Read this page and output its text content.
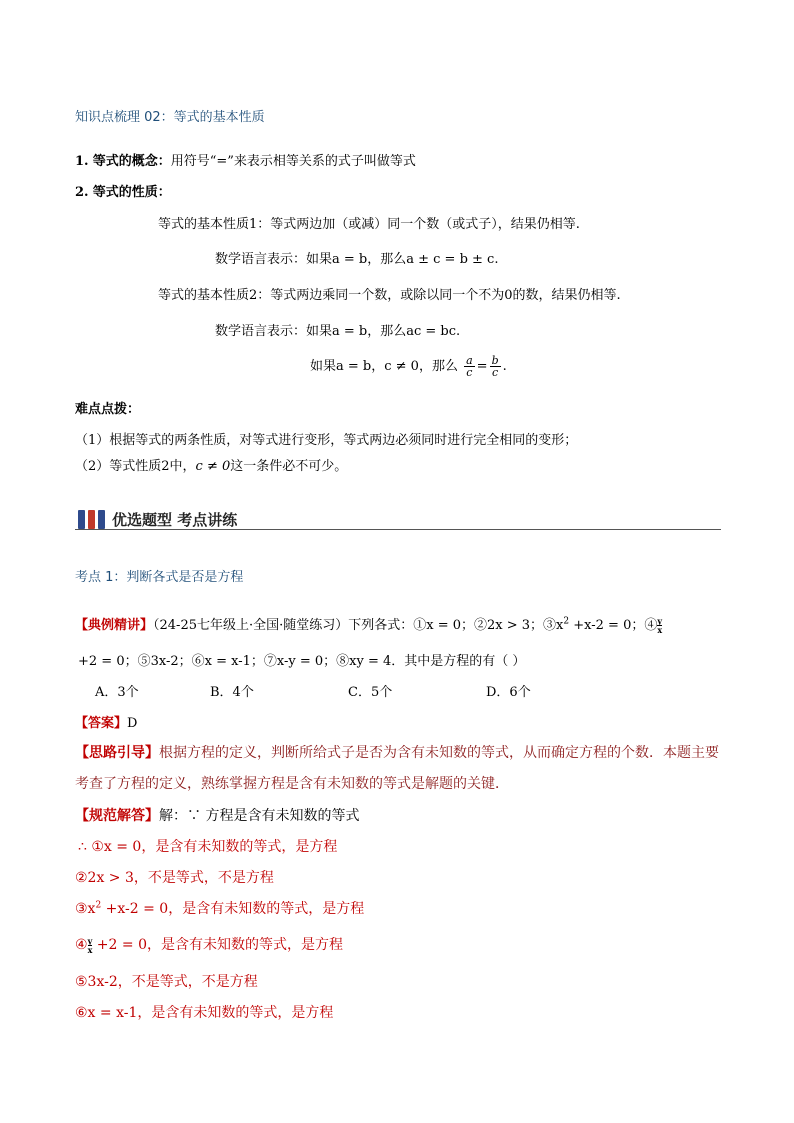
知识点梳理 02：等式的基本性质
1. 等式的概念：用符号“=”来表示相等关系的式子叫做等式
2. 等式的性质：
等式的基本性质1：等式两边加（或减）同一个数（或式子），结果仍相等.
数学语言表示：如果a = b，那么a ± c = b ± c.
等式的基本性质2：等式两边乘同一个数，或除以同一个不为0的数，结果仍相等.
数学语言表示：如果a = b，那么ac = bc.
如果a = b，c ≠ 0，那么 $\frac{a}{c} = \frac{b}{c}$ .
难点点拨：
（1）根据等式的两条性质，对等式进行变形，等式两边必须同时进行完全相同的变形；
（2）等式性质2中，c ≠ 0这一条件必不可少。
优选题型 考点讲练
考点 1：判断各式是否是方程
【典例精讲】（24-25七年级上·全国·随堂练习）下列各式：①x = 0；②2x > 3；$③x^2 +x-2 = 0$；④ $\frac{y}{x}$
+2 = 0；⑤3x-2；⑥x = x-1；⑦x-y = 0；⑧xy = 4．其中是方程的有（ ）
A．3个	B．4个	C．5个	D．6个
【答案】D
【思路引导】根据方程的定义，判断所给式子是否为含有未知数的等式，从而确定方程的个数．本题主要
考查了方程的定义，熟练掌握方程是含有未知数的等式是解题的关键．
【规范解答】解：∵ 方程是含有未知数的等式
∴ ①x = 0，是含有未知数的等式，是方程
②2x > 3，不是等式，不是方程
$③x^2 +x-2 = 0$，是含有未知数的等式，是方程
④ $\frac{y}{x} +2 = 0$，是含有未知数的等式，是方程
⑤3x-2，不是等式，不是方程
⑥x = x-1，是含有未知数的等式，是方程
